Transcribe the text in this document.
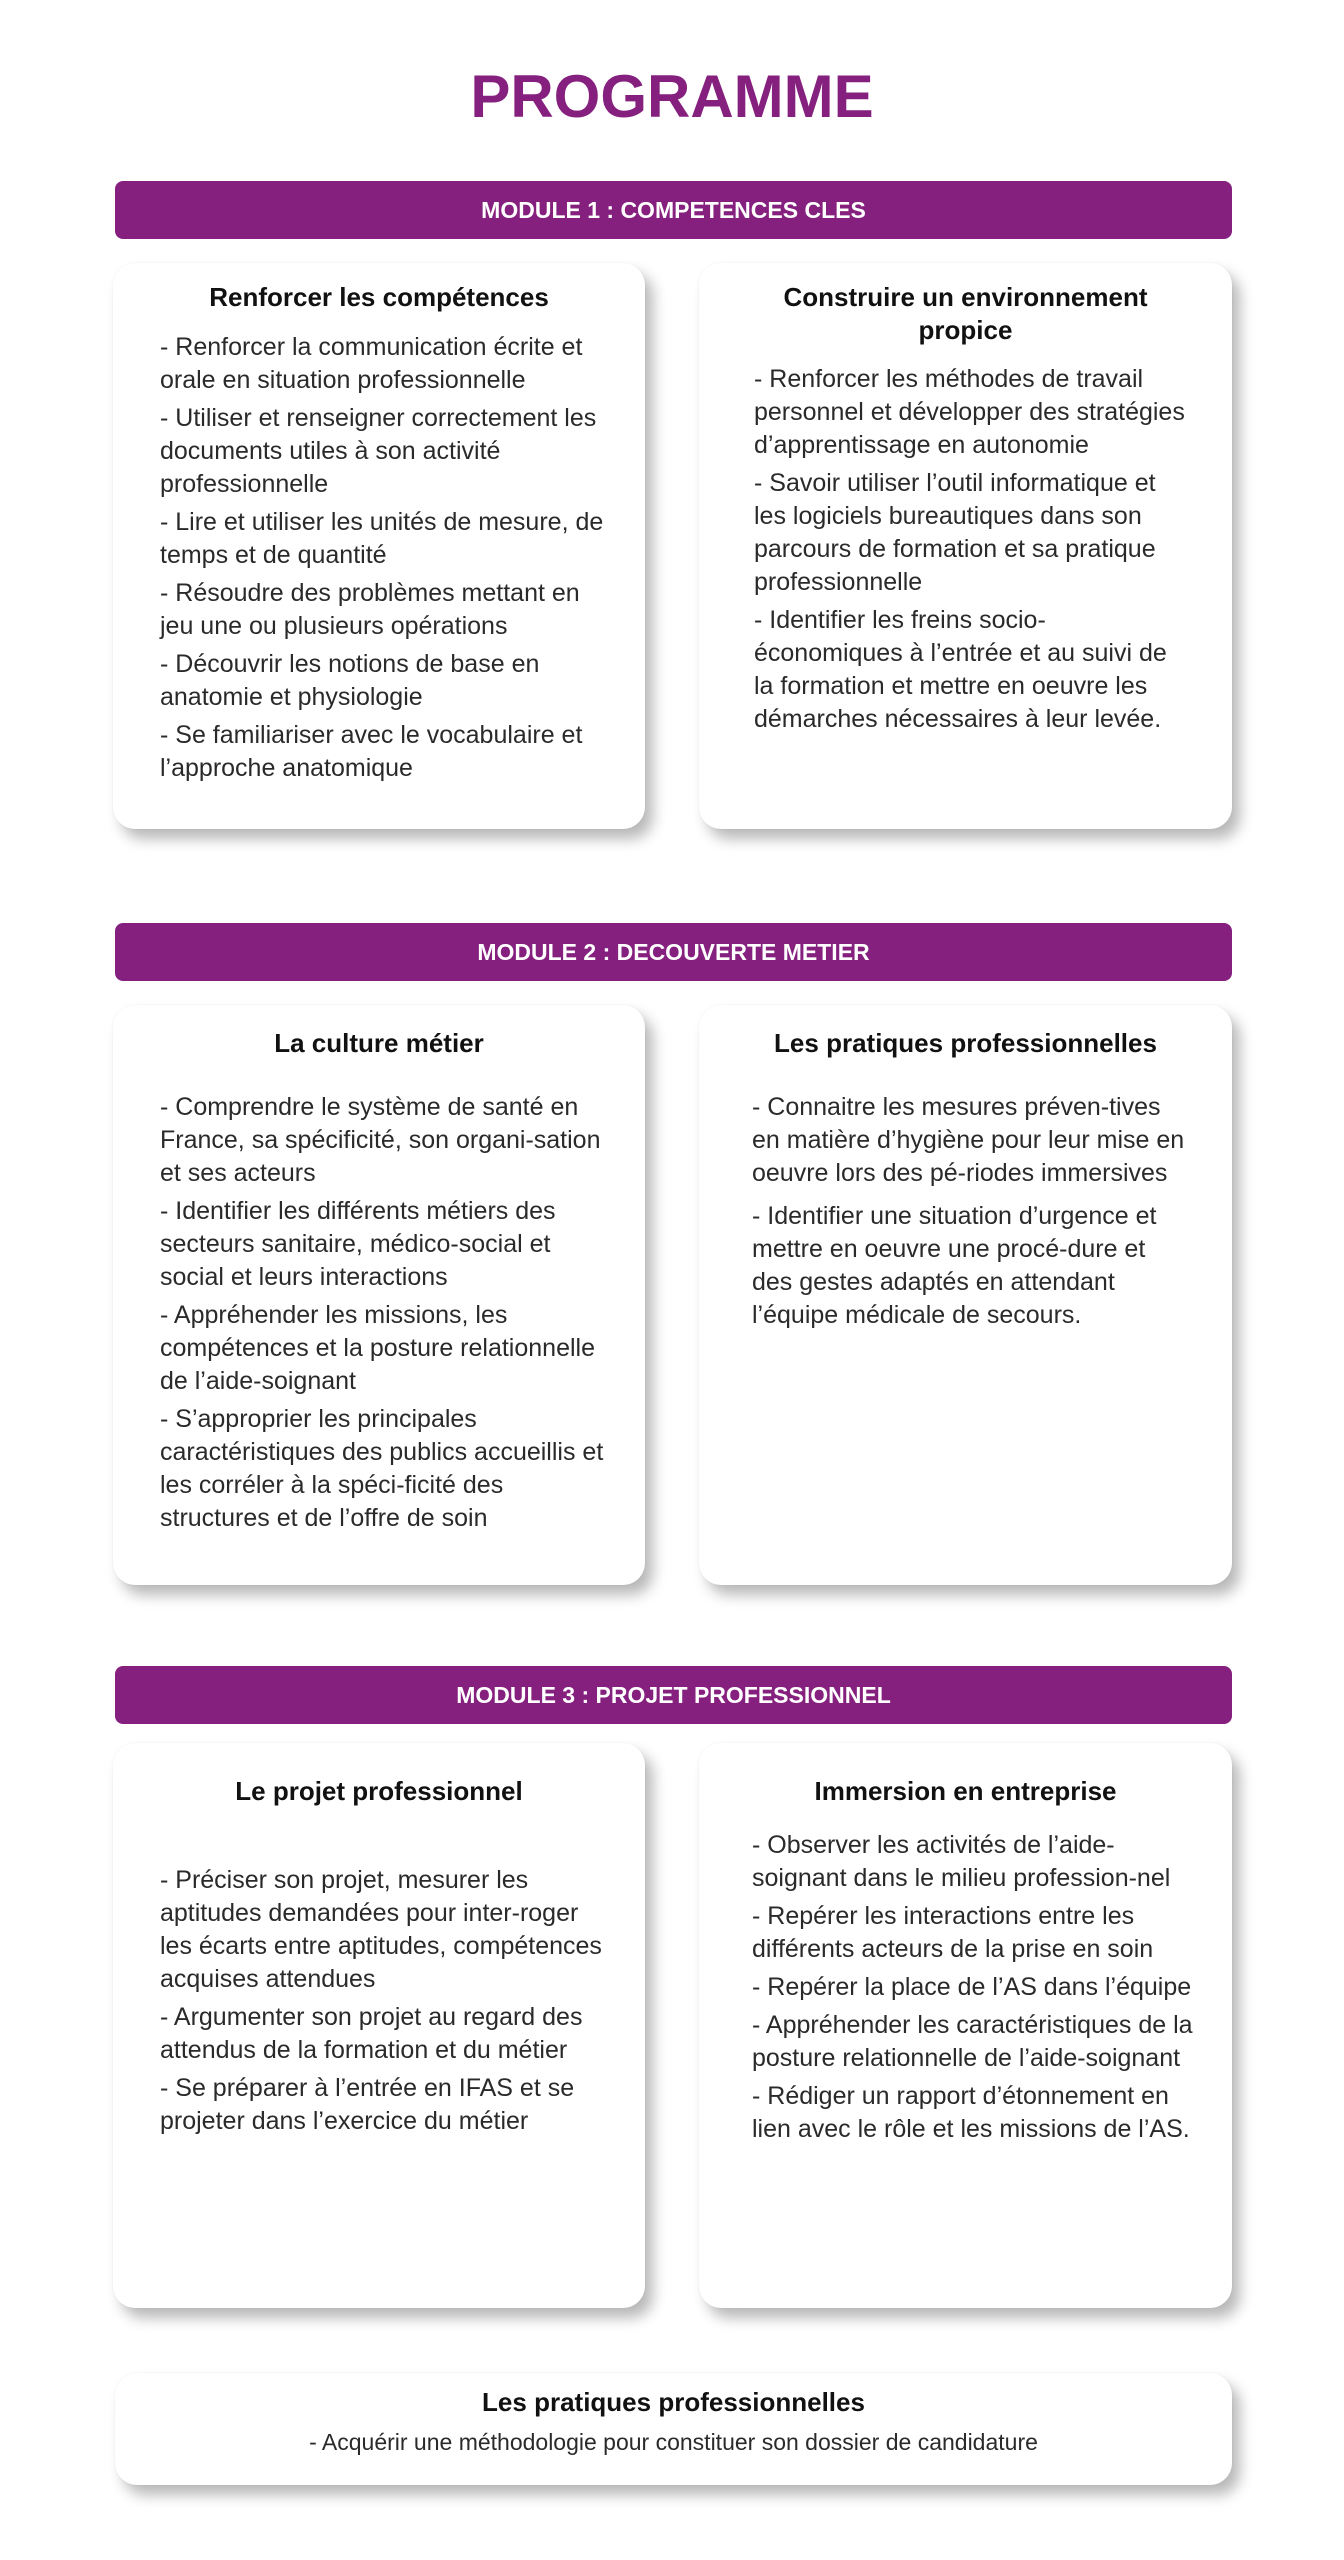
PROGRAMME
MODULE 1 : COMPETENCES CLES
Renforcer les compétences
- Renforcer la communication écrite et orale en situation professionnelle
- Utiliser et renseigner correctement les documents utiles à son activité professionnelle
- Lire et utiliser les unités de mesure, de temps et de quantité
- Résoudre des problèmes mettant en jeu une ou plusieurs opérations
- Découvrir les notions de base en anatomie et physiologie
- Se familiariser avec le vocabulaire et l’approche anatomique
Construire un environnement propice
- Renforcer les méthodes de travail personnel et développer des stratégies d’apprentissage en autonomie
- Savoir utiliser l’outil informatique et les logiciels bureautiques dans son parcours de formation et sa pratique professionnelle
- Identifier les freins socio-économiques à l’entrée et au suivi de la formation et mettre en oeuvre les démarches nécessaires à leur levée.
MODULE 2 : DECOUVERTE METIER
La culture métier
- Comprendre le système de santé en France, sa spécificité, son organi-sation et ses acteurs
- Identifier les différents métiers des secteurs sanitaire, médico-social et social et leurs interactions
- Appréhender les missions, les compétences et la posture relationnelle de l’aide-soignant
- S’approprier les principales caractéristiques des publics accueillis et les corréler à la spéci-ficité des structures et de l’offre de soin
Les pratiques professionnelles
- Connaitre les mesures préven-tives en matière d’hygiène pour leur mise en oeuvre lors des pé-riodes immersives
- Identifier une situation d’urgence et mettre en oeuvre une procé-dure et des gestes adaptés en attendant l’équipe médicale de secours.
MODULE 3 : PROJET PROFESSIONNEL
Le projet professionnel
- Préciser son projet, mesurer les aptitudes demandées pour inter-roger les écarts entre aptitudes, compétences acquises attendues
- Argumenter son projet au regard des attendus de la formation et du métier
- Se préparer à l’entrée en IFAS et se projeter dans l’exercice du métier
Immersion en entreprise
- Observer les activités de l’aide-soignant dans le milieu profession-nel
- Repérer les interactions entre les différents acteurs de la prise en soin
- Repérer la place de l’AS dans l’équipe
- Appréhender les caractéristiques de la posture relationnelle de l’aide-soignant
- Rédiger un rapport d’étonnement en lien avec le rôle et les missions de l’AS.
Les pratiques professionnelles
- Acquérir une méthodologie pour constituer son dossier de candidature
